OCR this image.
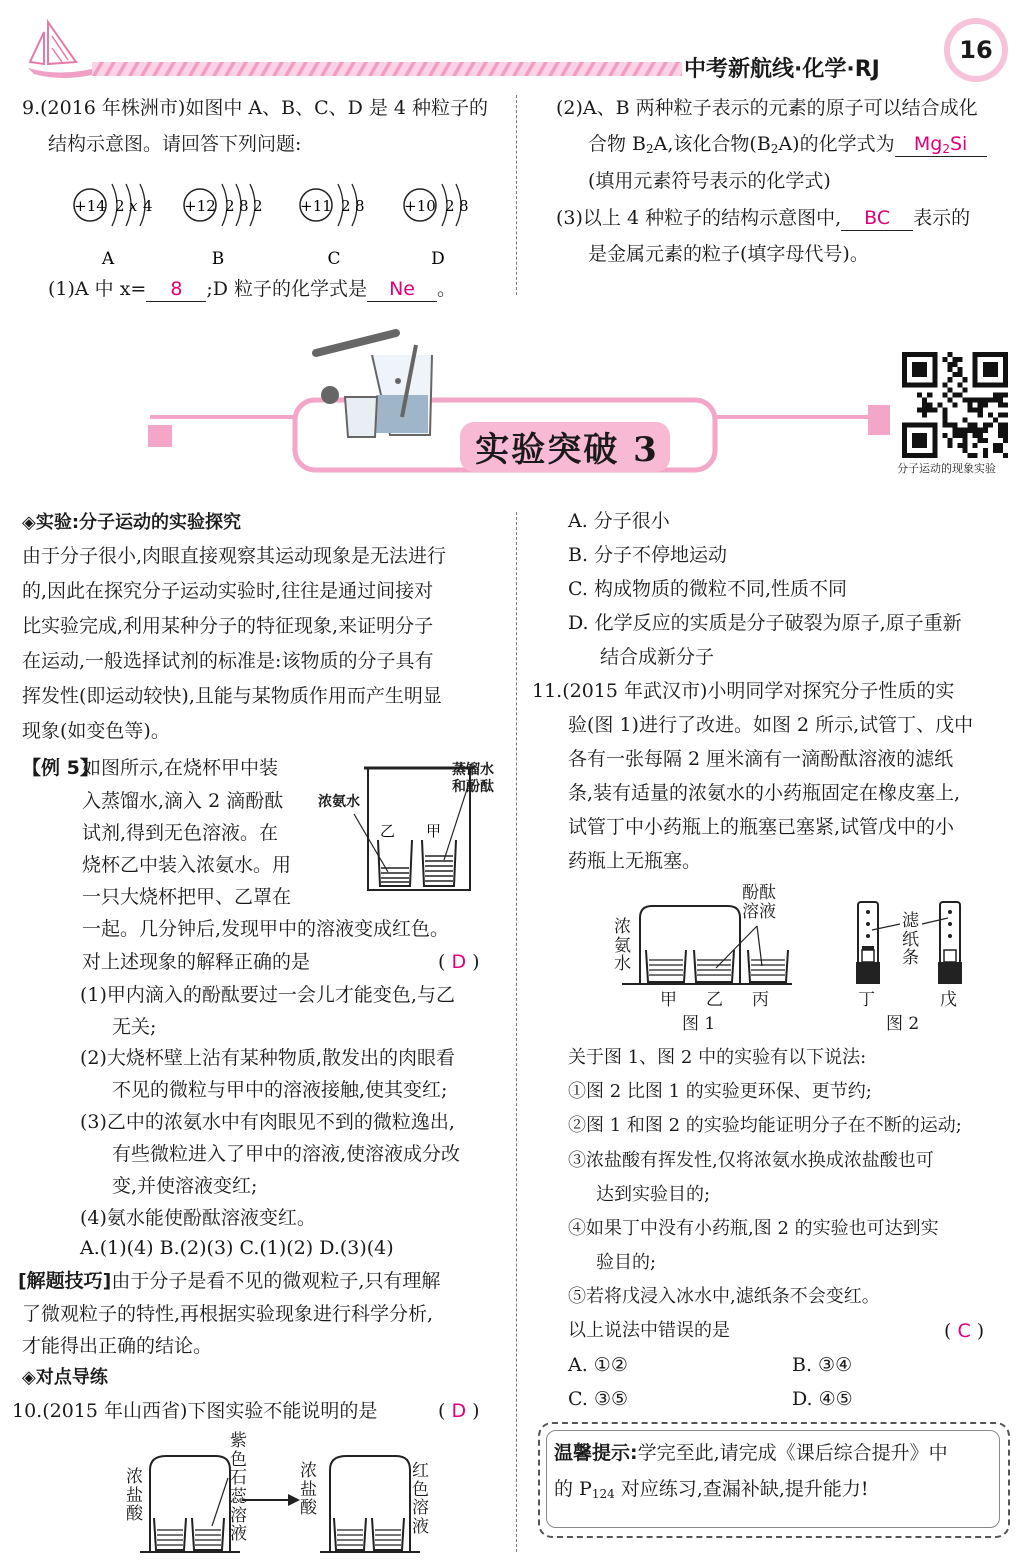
中考新航线·化学·RJ
16
9.(2016 年株洲市)如图中 A、B、C、D 是 4 种粒子的
结构示意图。请回答下列问题:
+14 2 x 4
A
+12 2 8 2
B
+11 2 8
C
+10 2 8
D
(1)A 中 x= 8 ;D 粒子的化学式是 Ne 。
(2)A、B 两种粒子表示的元素的原子可以结合成化
合物 $B_2A$,该化合物$(B_2A)$的化学式为 $Mg_2Si$
(填用元素符号表示的化学式)
(3)以上 4 种粒子的结构示意图中, BC 表示的
是金属元素的粒子(填字母代号)。
实验突破 3	分子运动的现象实验
◈实验:分子运动的实验探究
由于分子很小,肉眼直接观察其运动现象是无法进行
的,因此在探究分子运动实验时,往往是通过间接对
比实验完成,利用某种分子的特征现象,来证明分子
在运动,一般选择试剂的标准是:该物质的分子具有
挥发性(即运动较快),且能与某物质作用而产生明显
现象(如变色等)。
【例 5】
如图所示,在烧杯甲中装
入蒸馏水,滴入 2 滴酚酞
试剂,得到无色溶液。在
烧杯乙中装入浓氨水。用
一只大烧杯把甲、乙罩在
一起。几分钟后,发现甲中的溶液变成红色。
对上述现象的解释正确的是	( D )
乙 甲
浓氨水
蒸馏水
和酚酞
(1)甲内滴入的酚酞要过一会儿才能变色,与乙
无关;
(2)大烧杯壁上沾有某种物质,散发出的肉眼看
不见的微粒与甲中的溶液接触,使其变红;
(3)乙中的浓氨水中有肉眼见不到的微粒逸出,
有些微粒进入了甲中的溶液,使溶液成分改
变,并使溶液变红;
(4)氨水能使酚酞溶液变红。
A.(1)(4) B.(2)(3) C.(1)(2) D.(3)(4)
[解题技巧]由于分子是看不见的微观粒子,只有理解
了微观粒子的特性,再根据实验现象进行科学分析,
才能得出正确的结论。
◈对点导练
10.(2015 年山西省)下图实验不能说明的是	( D )
浓盐酸
紫色石蕊溶液
浓盐酸
红色溶液
A. 分子很小
B. 分子不停地运动
C. 构成物质的微粒不同,性质不同
D. 化学反应的实质是分子破裂为原子,原子重新
结合成新分子
11.(2015 年武汉市)小明同学对探究分子性质的实
验(图 1)进行了改进。如图 2 所示,试管丁、戊中
各有一张每隔 2 厘米滴有一滴酚酞溶液的滤纸
条,装有适量的浓氨水的小药瓶固定在橡皮塞上,
试管丁中小药瓶上的瓶塞已塞紧,试管戊中的小
药瓶上无瓶塞。
浓氨水
酚酞溶液
甲 乙 丙
图 1
滤纸条
丁	戊
图 2
关于图 1、图 2 中的实验有以下说法:
①图 2 比图 1 的实验更环保、更节约;
②图 1 和图 2 的实验均能证明分子在不断的运动;
③浓盐酸有挥发性,仅将浓氨水换成浓盐酸也可
达到实验目的;
④如果丁中没有小药瓶,图 2 的实验也可达到实
验目的;
⑤若将戊浸入冰水中,滤纸条不会变红。
以上说法中错误的是	( C )
A. ①②	B. ③④
C. ③⑤	D. ④⑤
温馨提示:学完至此,请完成《课后综合提升》中
的 $P_{124}$ 对应练习,查漏补缺,提升能力!
